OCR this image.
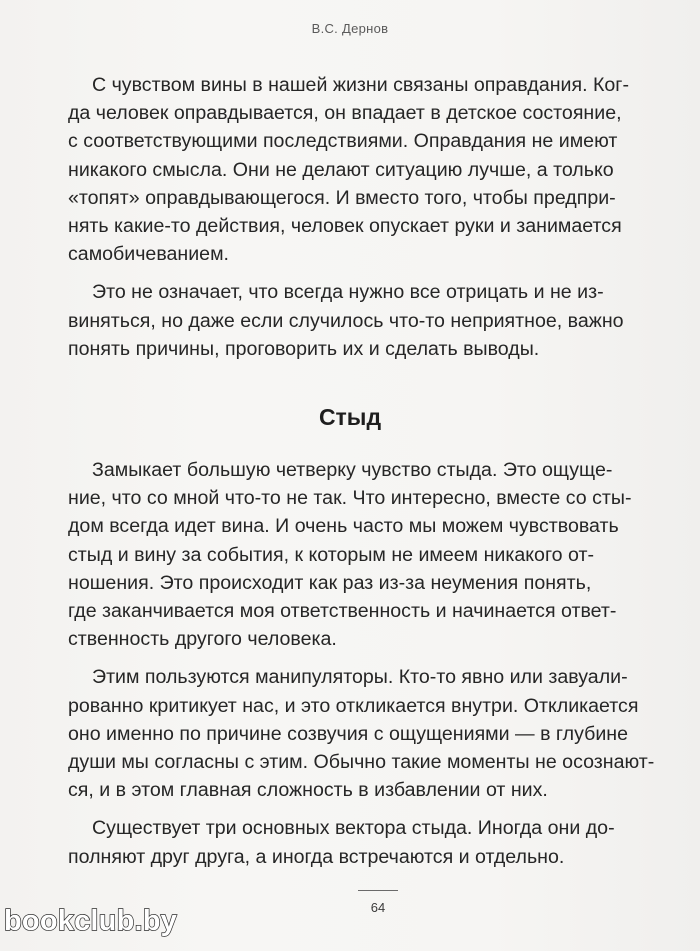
В.С. Дернов

С чувством вины в нашей жизни связаны оправдания. Ког-
да человек оправдывается, он впадает в детское состояние,
с соответствующими последствиями. Оправдания не имеют
никакого смысла. Они не делают ситуацию лучше, а только
«топят» оправдывающегося. И вместо того, чтобы предпри-
нять какие-то действия, человек опускает руки и занимается
самобичеванием.

Это не означает, что всегда нужно все отрицать и не из-
виняться, но даже если случилось что-то неприятное, важно
понять причины, проговорить их и сделать выводы.

Стыд

Замыкает большую четверку чувство стыда. Это ощуще-
ние, что со мной что-то не так. Что интересно, вместе со сты-
дом всегда идет вина. И очень часто мы можем чувствовать
стыд и вину за события, к которым не имеем никакого от-
ношения. Это происходит как раз из-за неумения понять,
где заканчивается моя ответственность и начинается ответ-
ственность другого человека.

Этим пользуются манипуляторы. Кто-то явно или завуали-
рованно критикует нас, и это откликается внутри. Откликается
оно именно по причине созвучия с ощущениями — в глубине
души мы согласны с этим. Обычно такие моменты не осознают-
ся, и в этом главная сложность в избавлении от них.

Существует три основных вектора стыда. Иногда они до-
полняют друг друга, а иногда встречаются и отдельно.

64
bookclub.by
